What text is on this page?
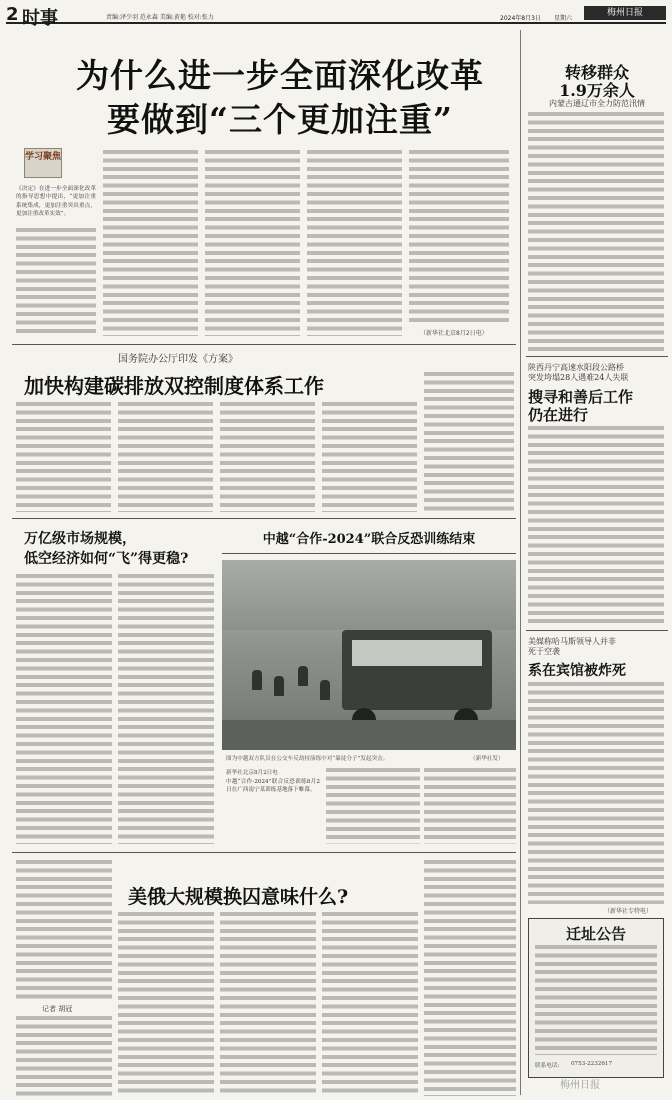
2 时事	责编:泽少羽 范永森 美编:黄艳 校对:张力	2024年8月3日 星期六
梅州日报
为什么进一步全面深化改革
要做到“三个更加注重”
学习聚焦
《决定》在进一步全面深化改革的指导思想中提出，“更加注重系统集成，更加注重突出重点，更加注重改革实效”。
（新华社北京8月2日电）
转移群众
1.9万余人
内蒙古通辽市全力防范汛情
陕西丹宁高速水阳段公路桥
突发垮塌28人遇难24人失联
搜寻和善后工作
仍在进行
美媒称哈马斯领导人并非
死于空袭
系在宾馆被炸死
（新华社专特电）
迁址公告
联系电话: 0753-2232617
国务院办公厅印发《方案》
加快构建碳排放双控制度体系工作
万亿级市场规模，
低空经济如何“飞”得更稳?
中越“合作-2024”联合反恐训练结束
图为中越双方队员在公交车反劫持演练中对“暴徒分子”发起突击。	（新华社发）
新华社北京8月2日电
中越“合作-2024”联合反恐训练8月2日在广西南宁某训练基地落下帷幕。
记者 胡冠
美俄大规模换囚意味什么?
梅州日报
